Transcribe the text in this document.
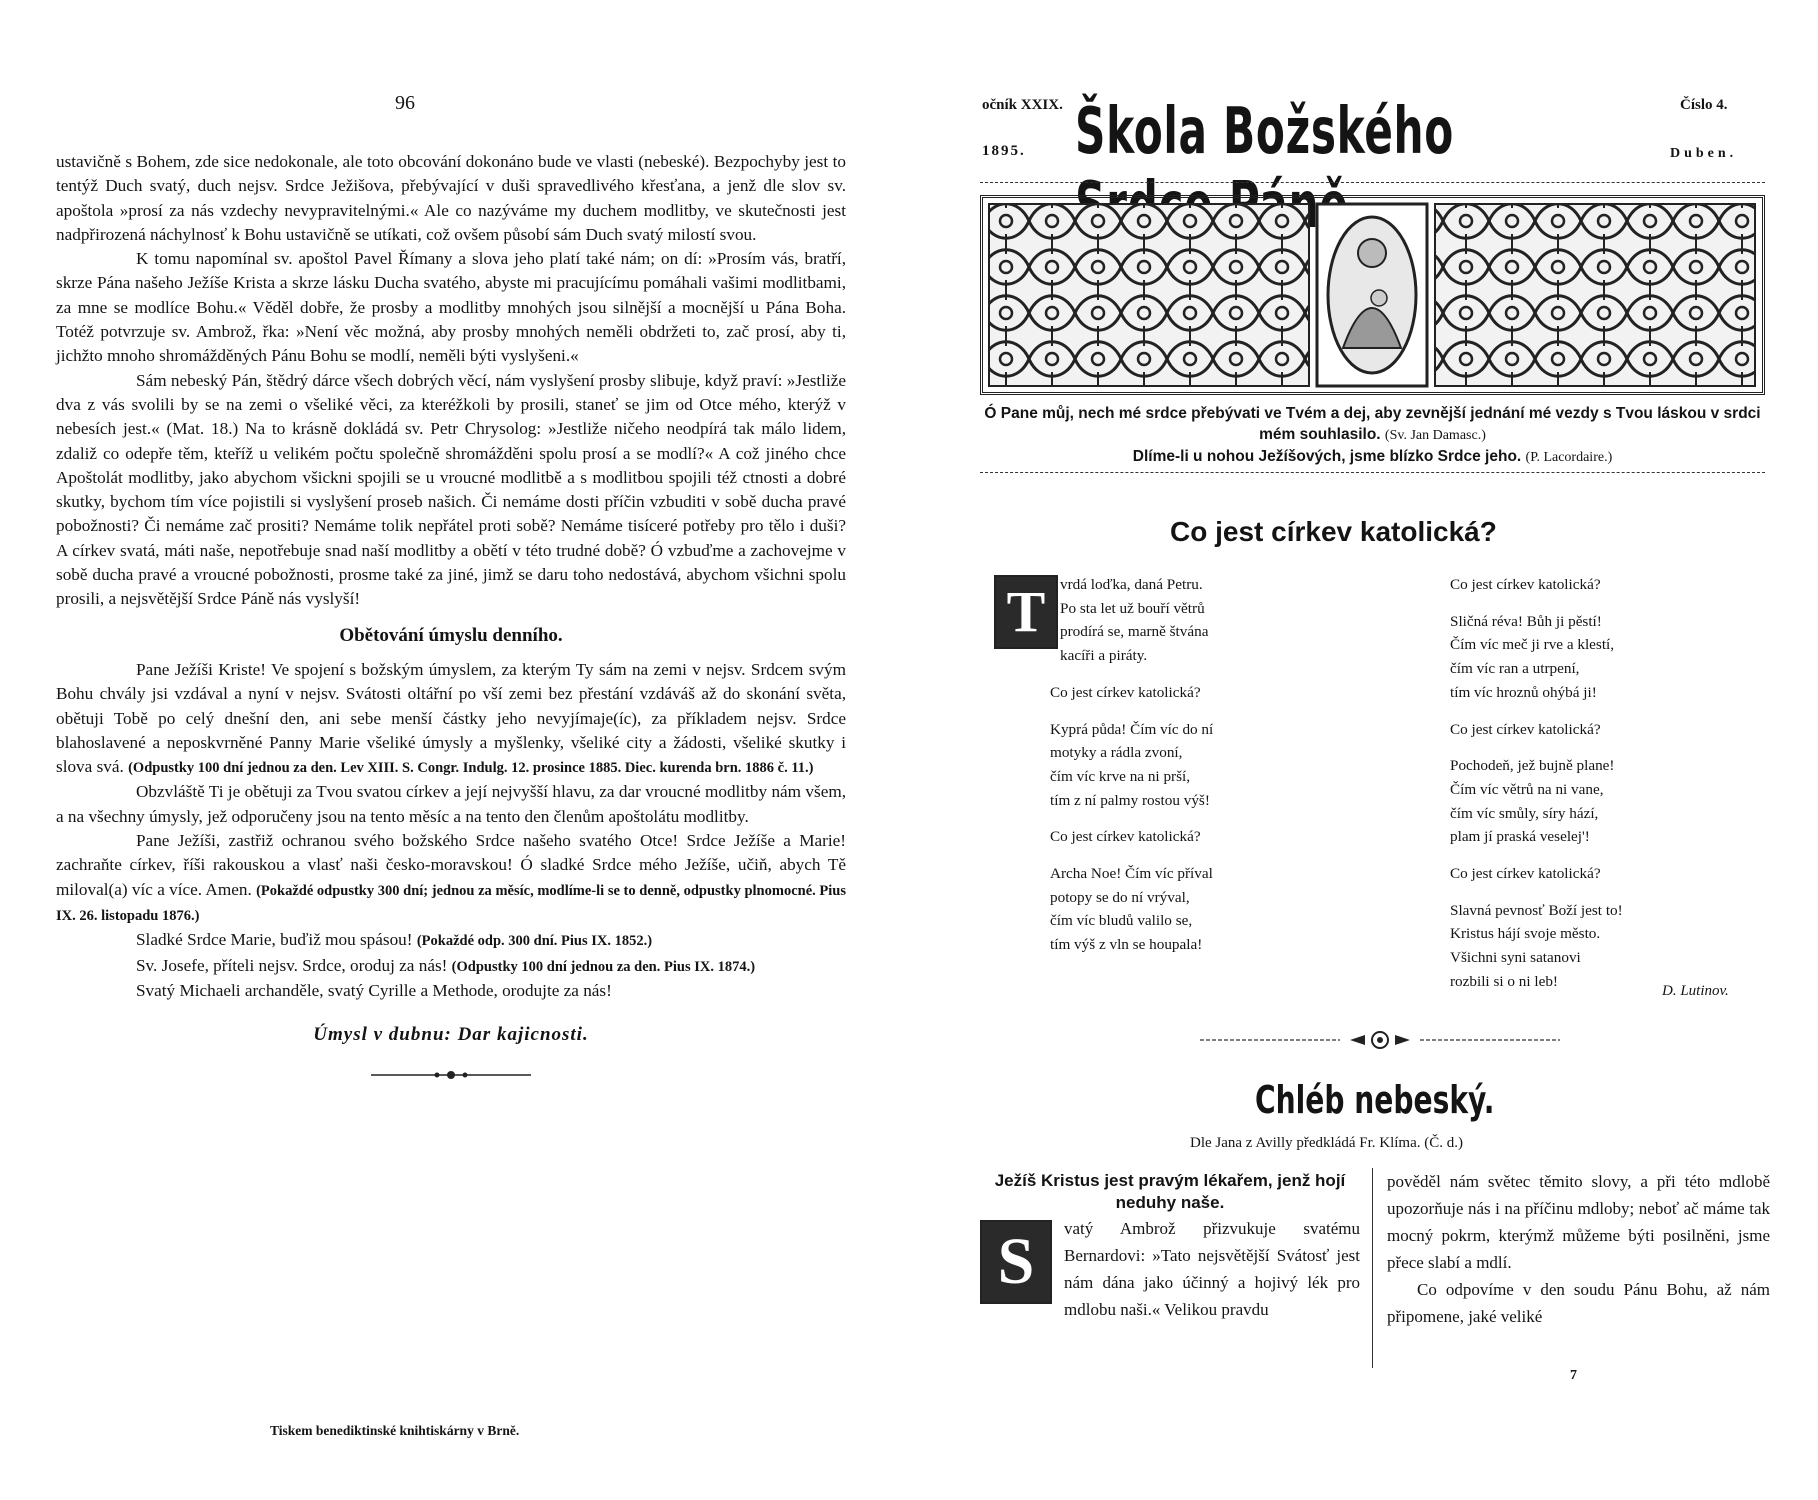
96

ustavičně s Bohem, zde sice nedokonale, ale toto obcování dokonáno bude ve vlasti (nebeské). Bezpochyby jest to tentýž Duch svatý, duch nejsv. Srdce Ježišova, přebývající v duši spravedlivého křesťana, a jenž dle slov sv. apoštola »prosí za nás vzdechy nevypravitelnými.« Ale co nazýváme my duchem modlitby, ve skutečnosti jest nadpřirozená náchylnosť k Bohu ustavičně se utíkati, což ovšem působí sám Duch svatý milostí svou.

K tomu napomínal sv. apoštol Pavel Římany a slova jeho platí také nám; on dí: »Prosím vás, bratří, skrze Pána našeho Ježíše Krista a skrze lásku Ducha svatého, abyste mi pracujícímu pomáhali vašimi modlitbami, za mne se modlíce Bohu.« Věděl dobře, že prosby a modlitby mnohých jsou silnější a mocnější u Pána Boha. Totéž potvrzuje sv. Ambrož, řka: »Není věc možná, aby prosby mnohých neměli obdržeti to, zač prosí, aby ti, jichžto mnoho shromážděných Pánu Bohu se modlí, neměli býti vyslyšeni.«

Sám nebeský Pán, štědrý dárce všech dobrých věcí, nám vyslyšení prosby slibuje, když praví: »Jestliže dva z vás svolili by se na zemi o všeliké věci, za kteréžkoli by prosili, staneť se jim od Otce mého, kterýž v nebesích jest.« (Mat. 18.) Na to krásně dokládá sv. Petr Chrysolog: »Jestliže ničeho neodpírá tak málo lidem, zdaliž co odepře těm, kteříž u velikém počtu společně shromážděni spolu prosí a se modlí?« A což jiného chce Apoštolát modlitby, jako abychom všickni spojili se u vroucné modlitbě a s modlitbou spojili též ctnosti a dobré skutky, bychom tím více pojistili si vyslyšení proseb našich. Či nemáme dosti příčin vzbuditi v sobě ducha pravé pobožnosti? Či nemáme zač prositi? Nemáme tolik nepřátel proti sobě? Nemáme tisíceré potřeby pro tělo i duši? A církev svatá, máti naše, nepotřebuje snad naší modlitby a obětí v této trudné době? Ó vzbuďme a zachovejme v sobě ducha pravé a vroucné pobožnosti, prosme také za jiné, jimž se daru toho nedostává, abychom všichni spolu prosili, a nejsvětější Srdce Páně nás vyslyší!

Obětování úmyslu denního.

Pane Ježíši Kriste! Ve spojení s božským úmyslem, za kterým Ty sám na zemi v nejsv. Srdcem svým Bohu chvály jsi vzdával a nyní v nejsv. Svátosti oltářní po vší zemi bez přestání vzdáváš až do skonání světa, obětuji Tobě po celý dnešní den, ani sebe menší částky jeho nevyjímaje(íc), za příkladem nejsv. Srdce blahoslavené a neposkvrněné Panny Marie všeliké úmysly a myšlenky, všeliké city a žádosti, všeliké skutky i slova svá. (Odpustky 100 dní jednou za den. Lev XIII. S. Congr. Indulg. 12. prosince 1885. Diec. kurenda brn. 1886 č. 11.)

Obzvláště Ti je obětuji za Tvou svatou církev a její nejvyšší hlavu, za dar vroucné modlitby nám všem, a na všechny úmysly, jež odporučeny jsou na tento měsíc a na tento den členům apoštolátu modlitby.

Pane Ježíši, zastřiž ochranou svého božského Srdce našeho svatého Otce! Srdce Ježíše a Marie! zachraňte církev, říši rakouskou a vlasť naši česko-moravskou! Ó sladké Srdce mého Ježíše, učiň, abych Tě miloval(a) víc a více. Amen. (Pokaždé odpustky 300 dní; jednou za měsíc, modlíme-li se to denně, odpustky plnomocné. Pius IX. 26. listopadu 1876.)

Sladké Srdce Marie, buďiž mou spásou! (Pokaždé odp. 300 dní. Pius IX. 1852.)

Sv. Josefe, příteli nejsv. Srdce, oroduj za nás! (Odpustky 100 dní jednou za den. Pius IX. 1874.)

Svatý Michaeli archanděle, svatý Cyrille a Methode, orodujte za nás!

Úmysl v dubnu: Dar kajicnosti.

Tiskem benediktinské knihtiskárny v Brně.
očník XXIX.
1895. Škola Božského	Číslo 4.
Duben.
Ó Pane můj, nech mé srdce přebývati ve Tvém a dej, aby zevnější jednání mé vezdy s Tvou láskou v srdci mém souhlasilo. (Sv. Jan Damasc.)
Dlíme-li u nohou Ježíšových, jsme blízko Srdce jeho. (P. Lacordaire.)
Co jest církev katolická?
T vrdá loďka, daná Petru.
Po sta let už bouří větrů
prodírá se, marně štvána
kacíři a piráty.

Co jest církev katolická?

Kyprá půda! Čím víc do ní
motyky a rádla zvoní,
čím víc krve na ni prší,
tím z ní palmy rostou výš!

Co jest církev katolická?

Archa Noe! Čím víc příval
potopy se do ní vrýval,
čím víc bludů valilo se,
tím výš z vln se houpala!

Co jest církev katolická?

Sličná réva! Bůh ji pěstí!
Čím víc meč ji rve a klestí,
čím víc ran a utrpení,
tím víc hroznů ohýbá ji!

Co jest církev katolická?

Pochodeň, jež bujně plane!
Čím víc větrů na ni vane,
čím víc smůly, síry hází,
plam jí praská veselej'!

Co jest církev katolická?

Slavná pevnosť Boží jest to!
Kristus hájí svoje město.
Všichni syni satanovi
rozbili si o ni leb!

D. Lutinov.
Chléb nebeský.
Dle Jana z Avilly předkládá Fr. Klíma. (Č. d.)
Ježíš Kristus jest pravým lékařem, jenž hojí neduhy naše.
S	vatý Ambrož přizvukuje svatému Bernardovi: »Tato nejsvětější Svátosť jest nám dána jako účinný a hojivý lék pro mdlobu naši.« Velikou pravdu

pověděl nám světec těmito slovy, a při této mdlobě upozorňuje nás i na příčinu mdloby; neboť ač máme tak mocný pokrm, kterýmž můžeme býti posilněni, jsme přece slabí a mdlí.

Co odpovíme v den soudu Pánu Bohu, až nám připomene, jaké veliké

7
